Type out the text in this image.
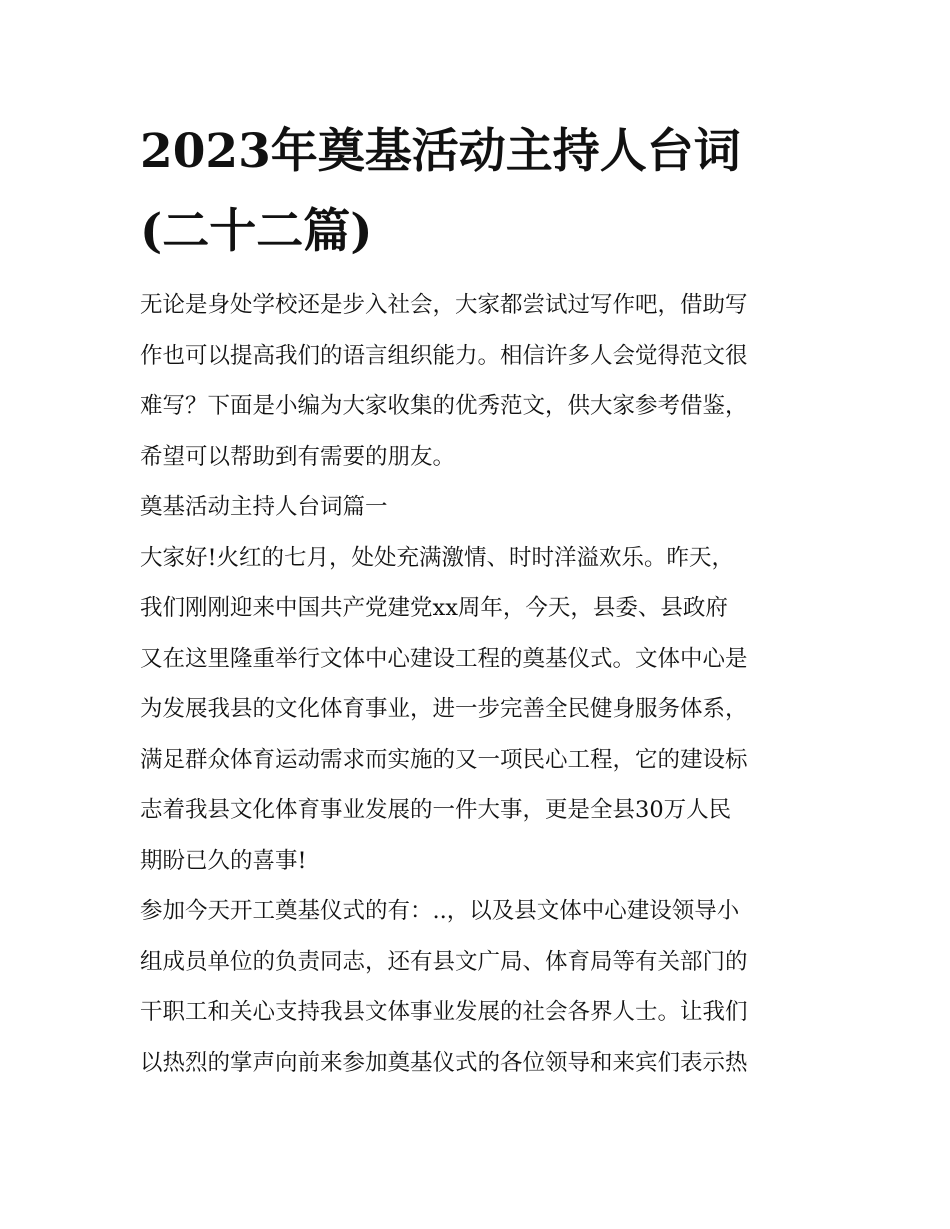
2023年奠基活动主持人台词
(二十二篇)
无论是身处学校还是步入社会，大家都尝试过写作吧，借助写
作也可以提高我们的语言组织能力。相信许多人会觉得范文很
难写？下面是小编为大家收集的优秀范文，供大家参考借鉴，
希望可以帮助到有需要的朋友。
奠基活动主持人台词篇一
大家好!火红的七月，处处充满激情、时时洋溢欢乐。昨天，
我们刚刚迎来中国共产党建党xx周年，今天，县委、县政府
又在这里隆重举行文体中心建设工程的奠基仪式。文体中心是
为发展我县的文化体育事业，进一步完善全民健身服务体系，
满足群众体育运动需求而实施的又一项民心工程，它的建设标
志着我县文化体育事业发展的一件大事，更是全县30万人民
期盼已久的喜事!
参加今天开工奠基仪式的有：..，以及县文体中心建设领导小
组成员单位的负责同志，还有县文广局、体育局等有关部门的
干职工和关心支持我县文体事业发展的社会各界人士。让我们
以热烈的掌声向前来参加奠基仪式的各位领导和来宾们表示热
